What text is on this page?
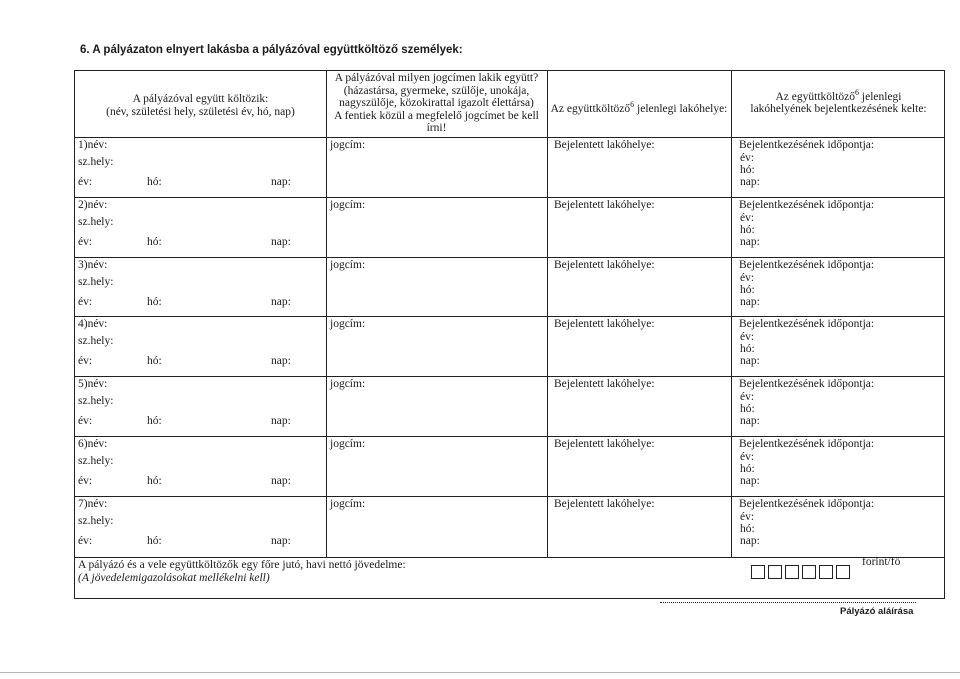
6. A pályázaton elnyert lakásba a pályázóval együttköltöző személyek:
A pályázóval együtt költözik:
(név, születési hely, születési év, hó, nap)
A pályázóval milyen jogcímen lakik együtt?
(házastársa, gyermeke, szülője, unokája,
nagyszülője, közokirattal igazolt élettársa)
A fentiek közül a megfelelő jogcímet be kell
írni!
Az együttköltöző$^6$ jelenlegi lakóhelye:
Az együttköltöző$^6$ jelenlegi
lakóhelyének bejelentkezésének kelte:
1)név:
sz.hely:
év:	hó:	nap:
jogcím:	Bejelentett lakóhelye:	Bejelentkezésének időpontja:
év:
hó:
nap:
2)név:
sz.hely:
év:	hó:	nap:
jogcím:	Bejelentett lakóhelye:	Bejelentkezésének időpontja:
év:
hó:
nap:
3)név:
sz.hely:
év:	hó:	nap:
jogcím:	Bejelentett lakóhelye:	Bejelentkezésének időpontja:
év:
hó:
nap:
4)név:
sz.hely:
év:	hó:	nap:
jogcím:	Bejelentett lakóhelye:	Bejelentkezésének időpontja:
év:
hó:
nap:
5)név:
sz.hely:
év:	hó:	nap:
jogcím:	Bejelentett lakóhelye:	Bejelentkezésének időpontja:
év:
hó:
nap:
6)név:
sz.hely:
év:	hó:	nap:
jogcím:	Bejelentett lakóhelye:	Bejelentkezésének időpontja:
év:
hó:
nap:
7)név:
sz.hely:
év:	hó:	nap:
jogcím:	Bejelentett lakóhelye:	Bejelentkezésének időpontja:
év:
hó:
nap:
A pályázó és a vele együttköltözők egy főre jutó, havi nettó jövedelme:
(A jövedelemigazolásokat mellékelni kell)
forint/fő
Pályázó aláírása
